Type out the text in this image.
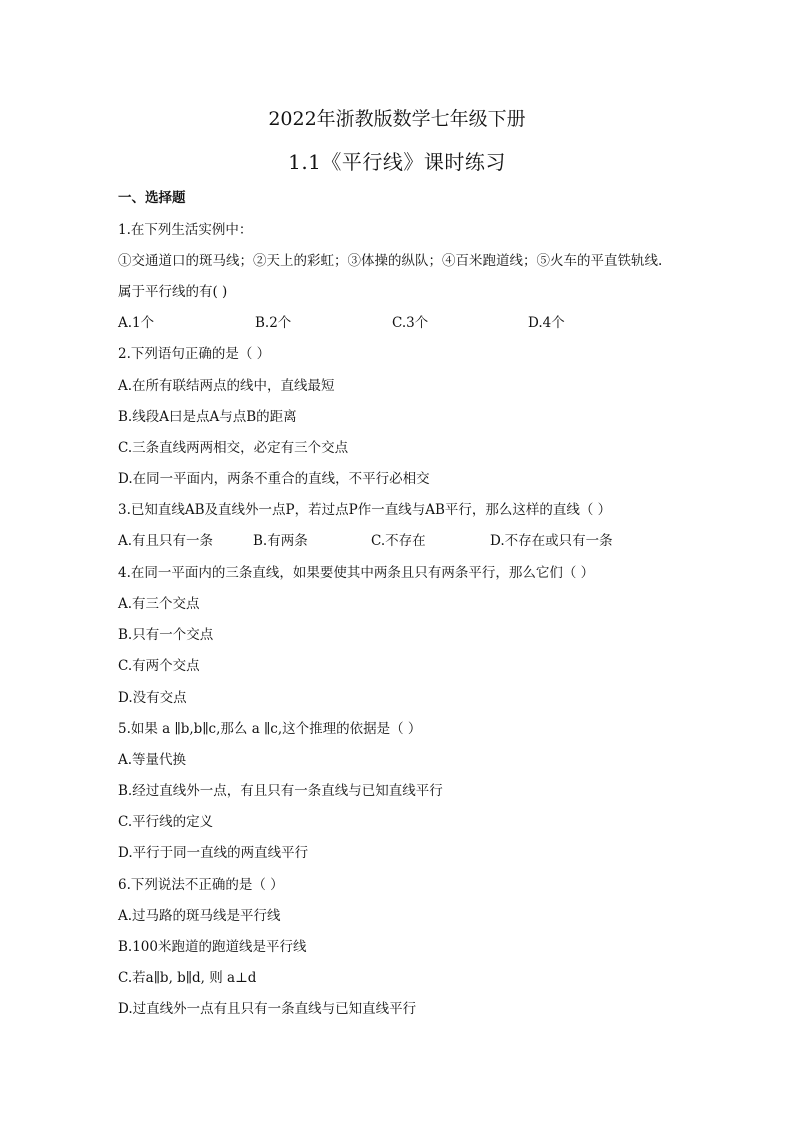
2022年浙教版数学七年级下册
1.1《平行线》课时练习
一、选择题
1.在下列生活实例中：
①交通道口的斑马线；②天上的彩虹；③体操的纵队；④百米跑道线；⑤火车的平直铁轨线.
属于平行线的有( )
A.1个	B.2个	C.3个	D.4个
2.下列语句正确的是（ ）
A.在所有联结两点的线中，直线最短
B.线段A曰是点A与点B的距离
C.三条直线两两相交，必定有三个交点
D.在同一平面内，两条不重合的直线，不平行必相交
3.已知直线AB及直线外一点P，若过点P作一直线与AB平行，那么这样的直线（ ）
A.有且只有一条	B.有两条	C.不存在	D.不存在或只有一条
4.在同一平面内的三条直线，如果要使其中两条且只有两条平行，那么它们（ ）
A.有三个交点
B.只有一个交点
C.有两个交点
D.没有交点
5.如果 a ∥b,b∥c,那么 a ∥c,这个推理的依据是（ ）
A.等量代换
B.经过直线外一点，有且只有一条直线与已知直线平行
C.平行线的定义
D.平行于同一直线的两直线平行
6.下列说法不正确的是（ ）
A.过马路的斑马线是平行线
B.100米跑道的跑道线是平行线
C.若a∥b, b∥d, 则 a⊥d
D.过直线外一点有且只有一条直线与已知直线平行
